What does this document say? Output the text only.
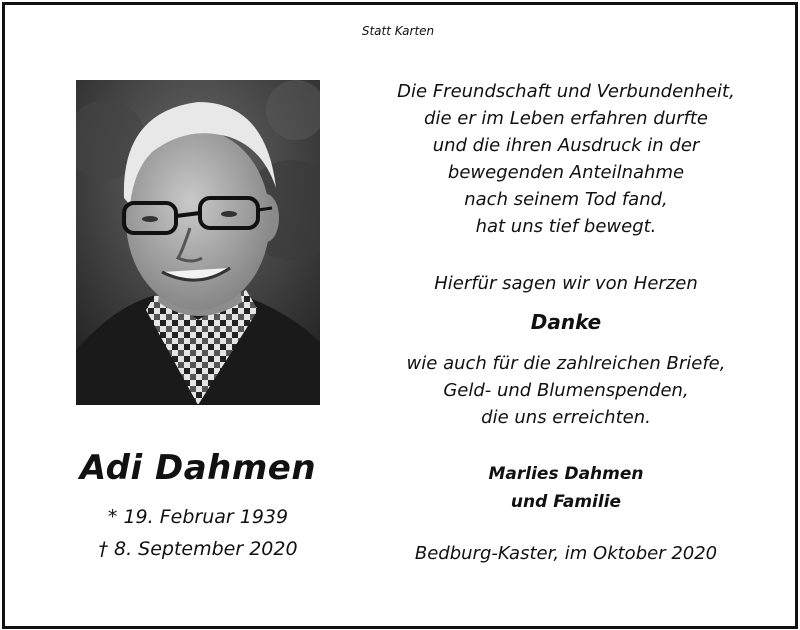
Statt Karten
Adi Dahmen
* 19. Februar 1939
† 8. September 2020
Die Freundschaft und Verbundenheit,
die er im Leben erfahren durfte
und die ihren Ausdruck in der
bewegenden Anteilnahme
nach seinem Tod fand,
hat uns tief bewegt.
Hierfür sagen wir von Herzen
Danke
wie auch für die zahlreichen Briefe,
Geld- und Blumenspenden,
die uns erreichten.
Marlies Dahmen
und Familie
Bedburg-Kaster, im Oktober 2020
